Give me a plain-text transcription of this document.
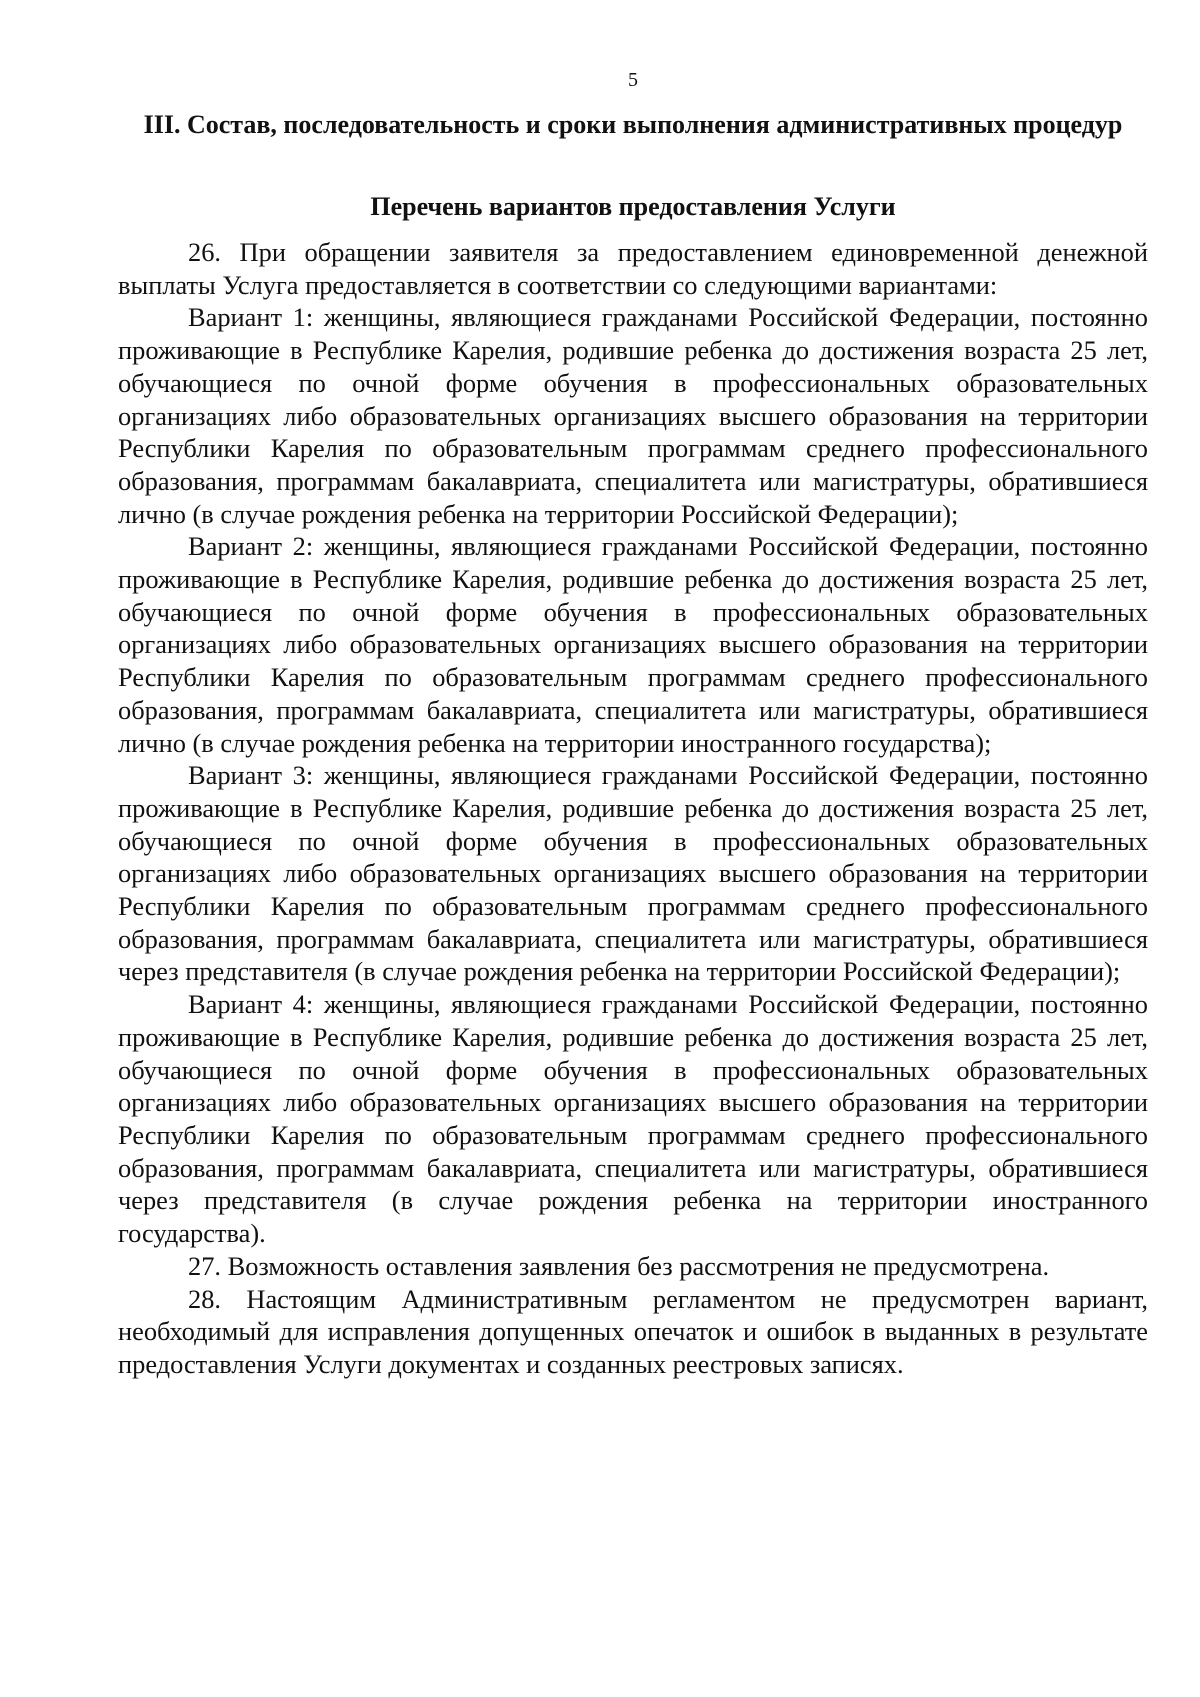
5
III. Состав, последовательность и сроки выполнения административных процедур
Перечень вариантов предоставления Услуги

26. При обращении заявителя за предоставлением единовременной денежной выплаты Услуга предоставляется в соответствии со следующими вариантами:

Вариант 1: женщины, являющиеся гражданами Российской Федерации, постоянно проживающие в Республике Карелия, родившие ребенка до достижения возраста 25 лет, обучающиеся по очной форме обучения в профессиональных образовательных организациях либо образовательных организациях высшего образования на территории Республики Карелия по образовательным программам среднего профессионального образования, программам бакалавриата, специалитета или магистратуры, обратившиеся лично (в случае рождения ребенка на территории Российской Федерации);

Вариант 2: женщины, являющиеся гражданами Российской Федерации, постоянно проживающие в Республике Карелия, родившие ребенка до достижения возраста 25 лет, обучающиеся по очной форме обучения в профессиональных образовательных организациях либо образовательных организациях высшего образования на территории Республики Карелия по образовательным программам среднего профессионального образования, программам бакалавриата, специалитета или магистратуры, обратившиеся лично (в случае рождения ребенка на территории иностранного государства);

Вариант 3: женщины, являющиеся гражданами Российской Федерации, постоянно проживающие в Республике Карелия, родившие ребенка до достижения возраста 25 лет, обучающиеся по очной форме обучения в профессиональных образовательных организациях либо образовательных организациях высшего образования на территории Республики Карелия по образовательным программам среднего профессионального образования, программам бакалавриата, специалитета или магистратуры, обратившиеся через представителя (в случае рождения ребенка на территории Российской Федерации);

Вариант 4: женщины, являющиеся гражданами Российской Федерации, постоянно проживающие в Республике Карелия, родившие ребенка до достижения возраста 25 лет, обучающиеся по очной форме обучения в профессиональных образовательных организациях либо образовательных организациях высшего образования на территории Республики Карелия по образовательным программам среднего профессионального образования, программам бакалавриата, специалитета или магистратуры, обратившиеся через представителя (в случае рождения ребенка на территории иностранного государства).

27. Возможность оставления заявления без рассмотрения не предусмотрена.

28. Настоящим Административным регламентом не предусмотрен вариант, необходимый для исправления допущенных опечаток и ошибок в выданных в результате предоставления Услуги документах и созданных реестровых записях.
